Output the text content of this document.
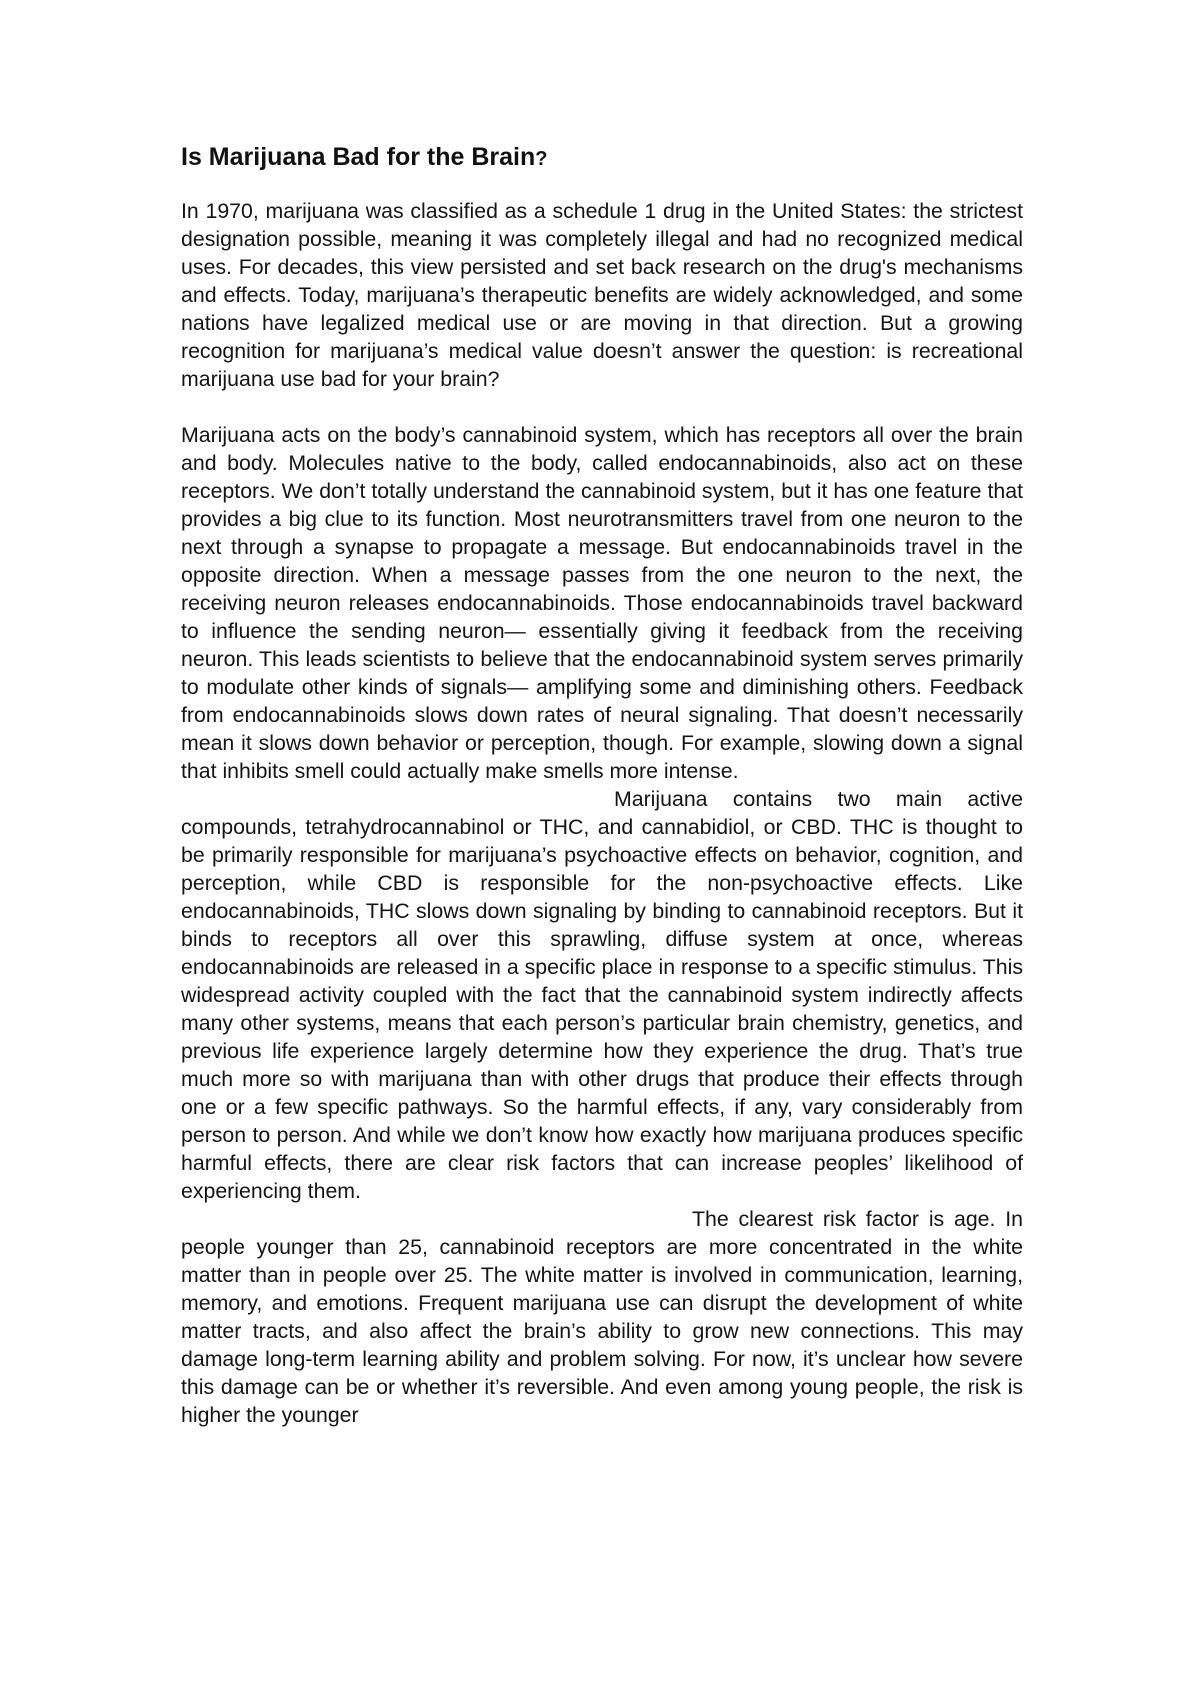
Is Marijuana Bad for the Brain?

In 1970, marijuana was classified as a schedule 1 drug in the United States: the strictest designation possible, meaning it was completely illegal and had no recognized medical uses. For decades, this view persisted and set back research on the drug's mechanisms and effects. Today, marijuana’s therapeutic benefits are widely acknowledged, and some nations have legalized medical use or are moving in that direction. But a growing recognition for marijuana’s medical value doesn’t answer the question: is recreational marijuana use bad for your brain?

Marijuana acts on the body’s cannabinoid system, which has receptors all over the brain and body. Molecules native to the body, called endocannabinoids, also act on these receptors. We don’t totally understand the cannabinoid system, but it has one feature that provides a big clue to its function. Most neurotransmitters travel from one neuron to the next through a synapse to propagate a message. But endocannabinoids travel in the opposite direction. When a message passes from the one neuron to the next, the receiving neuron releases endocannabinoids. Those endocannabinoids travel backward to influence the sending neuron— essentially giving it feedback from the receiving neuron. This leads scientists to believe that the endocannabinoid system serves primarily to modulate other kinds of signals— amplifying some and diminishing others. Feedback from endocannabinoids slows down rates of neural signaling. That doesn’t necessarily mean it slows down behavior or perception, though. For example, slowing down a signal that inhibits smell could actually make smells more intense.

Marijuana contains two main active compounds, tetrahydrocannabinol or THC, and cannabidiol, or CBD. THC is thought to be primarily responsible for marijuana’s psychoactive effects on behavior, cognition, and perception, while CBD is responsible for the non-psychoactive effects. Like endocannabinoids, THC slows down signaling by binding to cannabinoid receptors. But it binds to receptors all over this sprawling, diffuse system at once, whereas endocannabinoids are released in a specific place in response to a specific stimulus. This widespread activity coupled with the fact that the cannabinoid system indirectly affects many other systems, means that each person’s particular brain chemistry, genetics, and previous life experience largely determine how they experience the drug. That’s true much more so with marijuana than with other drugs that produce their effects through one or a few specific pathways. So the harmful effects, if any, vary considerably from person to person. And while we don’t know how exactly how marijuana produces specific harmful effects, there are clear risk factors that can increase peoples’ likelihood of experiencing them.

The clearest risk factor is age. In people younger than 25, cannabinoid receptors are more concentrated in the white matter than in people over 25. The white matter is involved in communication, learning, memory, and emotions. Frequent marijuana use can disrupt the development of white matter tracts, and also affect the brain’s ability to grow new connections. This may damage long-term learning ability and problem solving. For now, it’s unclear how severe this damage can be or whether it’s reversible. And even among young people, the risk is higher the younger
